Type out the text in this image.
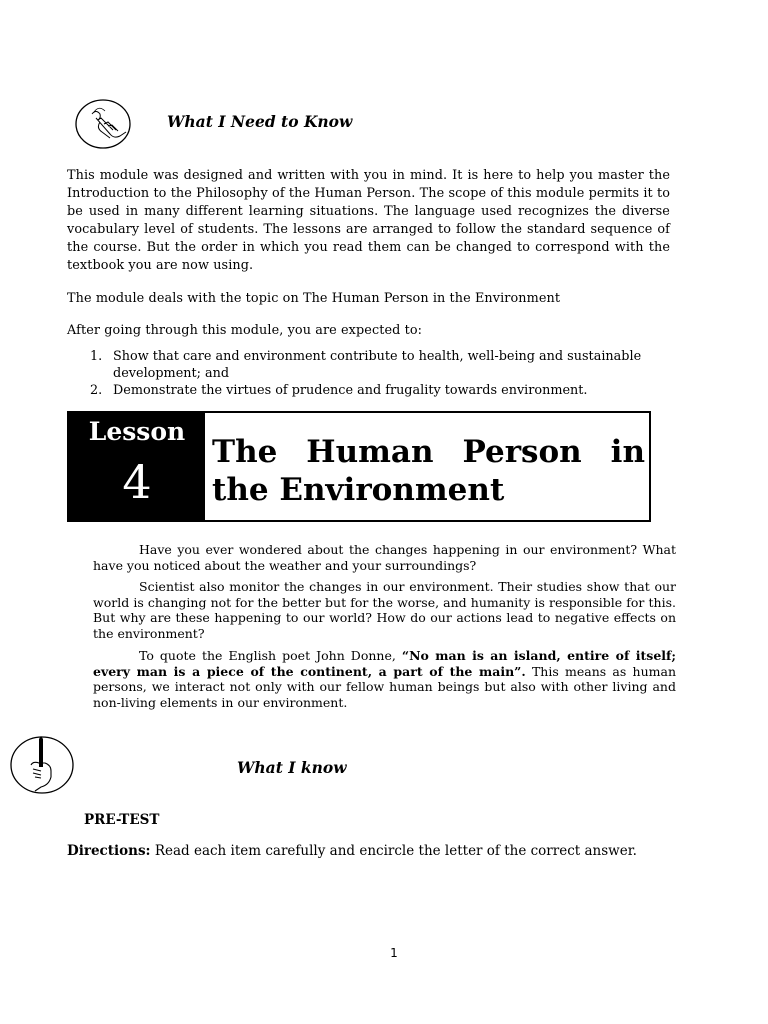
What I Need to Know
This module was designed and written with you in mind. It is here to help you master the Introduction to the Philosophy of the Human Person. The scope of this module permits it to be used in many different learning situations. The language used recognizes the diverse vocabulary level of students. The lessons are arranged to follow the standard sequence of the course. But the order in which you read them can be changed to correspond with the textbook you are now using.
The module deals with the topic on The Human Person in the Environment
After going through this module, you are expected to:
1. Show that care and environment contribute to health, well-being and sustainable development; and
2. Demonstrate the virtues of prudence and frugality towards environment.
Lesson
4
The Human Person in the Environment
Have you ever wondered about the changes happening in our environment? What have you noticed about the weather and your surroundings?
Scientist also monitor the changes in our environment. Their studies show that our world is changing not for the better but for the worse, and humanity is responsible for this. But why are these happening to our world? How do our actions lead to negative effects on the environment?
To quote the English poet John Donne, “No man is an island, entire of itself; every man is a piece of the continent, a part of the main”. This means as human persons, we interact not only with our fellow human beings but also with other living and non-living elements in our environment.
What I know
PRE-TEST
Directions: Read each item carefully and encircle the letter of the correct answer.
1
